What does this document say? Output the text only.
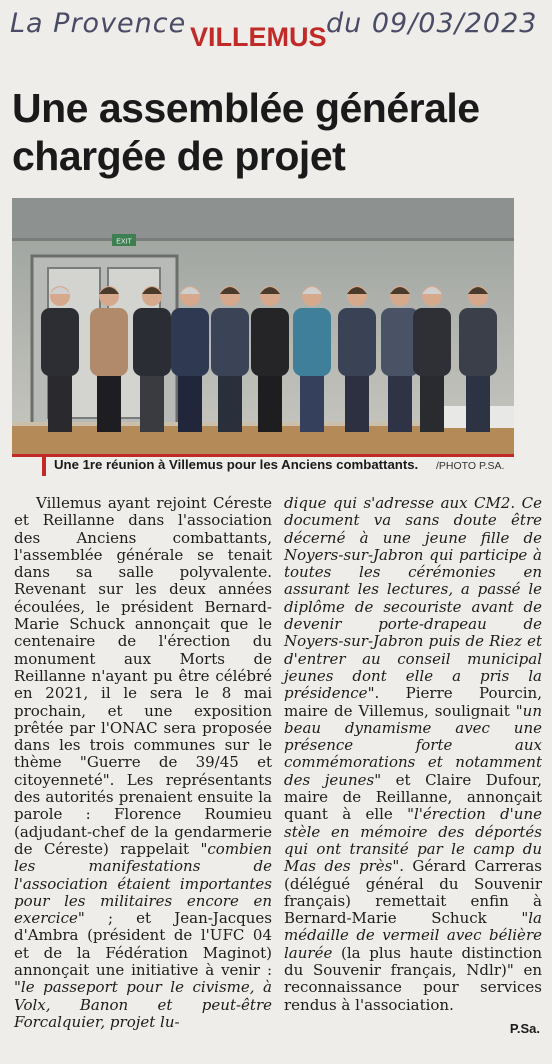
La Provence VILLEMUS du 09/03/2023
Une assemblée générale chargée de projet
EXIT
Une 1re réunion à Villemus pour les Anciens combattants. /PHOTO P.SA.

Villemus ayant rejoint Céreste et Reillanne dans l'association des Anciens combattants, l'assemblée générale se tenait dans sa salle polyvalente. Revenant sur les deux années écoulées, le président Bernard-Marie Schuck annonçait que le centenaire de l'érection du monument aux Morts de Reillanne n'ayant pu être célébré en 2021, il le sera le 8 mai prochain, et une exposition prêtée par l'ONAC sera proposée dans les trois communes sur le thème "Guerre de 39/45 et citoyenneté". Les représentants des autorités prenaient ensuite la parole : Florence Roumieu (adjudant-chef de la gendarmerie de Céreste) rappelait "combien les manifestations de l'association étaient importantes pour les militaires encore en exercice" ; et Jean-Jacques d'Ambra (président de l'UFC 04 et de la Fédération Maginot) annonçait une initiative à venir : "le passeport pour le civisme, à Volx, Banon et peut-être Forcalquier, projet lu-

dique qui s'adresse aux CM2. Ce document va sans doute être décerné à une jeune fille de Noyers-sur-Jabron qui participe à toutes les cérémonies en assurant les lectures, a passé le diplôme de secouriste avant de devenir porte-drapeau de Noyers-sur-Jabron puis de Riez et d'entrer au conseil municipal jeunes dont elle a pris la présidence". Pierre Pourcin, maire de Villemus, soulignait "un beau dynamisme avec une présence forte aux commémorations et notamment des jeunes" et Claire Dufour, maire de Reillanne, annonçait quant à elle "l'érection d'une stèle en mémoire des déportés qui ont transité par le camp du Mas des près". Gérard Carreras (délégué général du Souvenir français) remettait enfin à Bernard-Marie Schuck "la médaille de vermeil avec bélière laurée (la plus haute distinction du Souvenir français, Ndlr)" en reconnaissance pour services rendus à l'association.

P.Sa.
